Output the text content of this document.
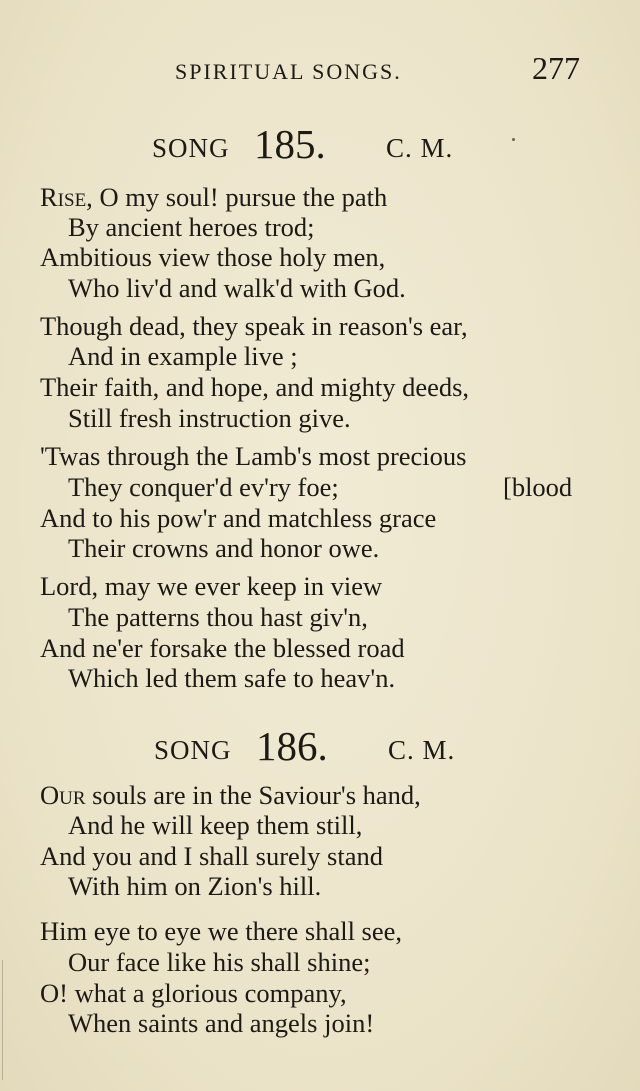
SPIRITUAL SONGS.	277
SONG 185. C. M.
Rise, O my soul! pursue the path
By ancient heroes trod;
Ambitious view those holy men,
Who liv'd and walk'd with God.
Though dead, they speak in reason's ear,
And in example live ;
Their faith, and hope, and mighty deeds,
Still fresh instruction give.
'Twas through the Lamb's most precious
They conquer'd ev'ry foe;	[blood
And to his pow'r and matchless grace
Their crowns and honor owe.
Lord, may we ever keep in view
The patterns thou hast giv'n,
And ne'er forsake the blessed road
Which led them safe to heav'n.
SONG 186. C. M.
Our souls are in the Saviour's hand,
And he will keep them still,
And you and I shall surely stand
With him on Zion's hill.
Him eye to eye we there shall see,
Our face like his shall shine;
O! what a glorious company,
When saints and angels join!
